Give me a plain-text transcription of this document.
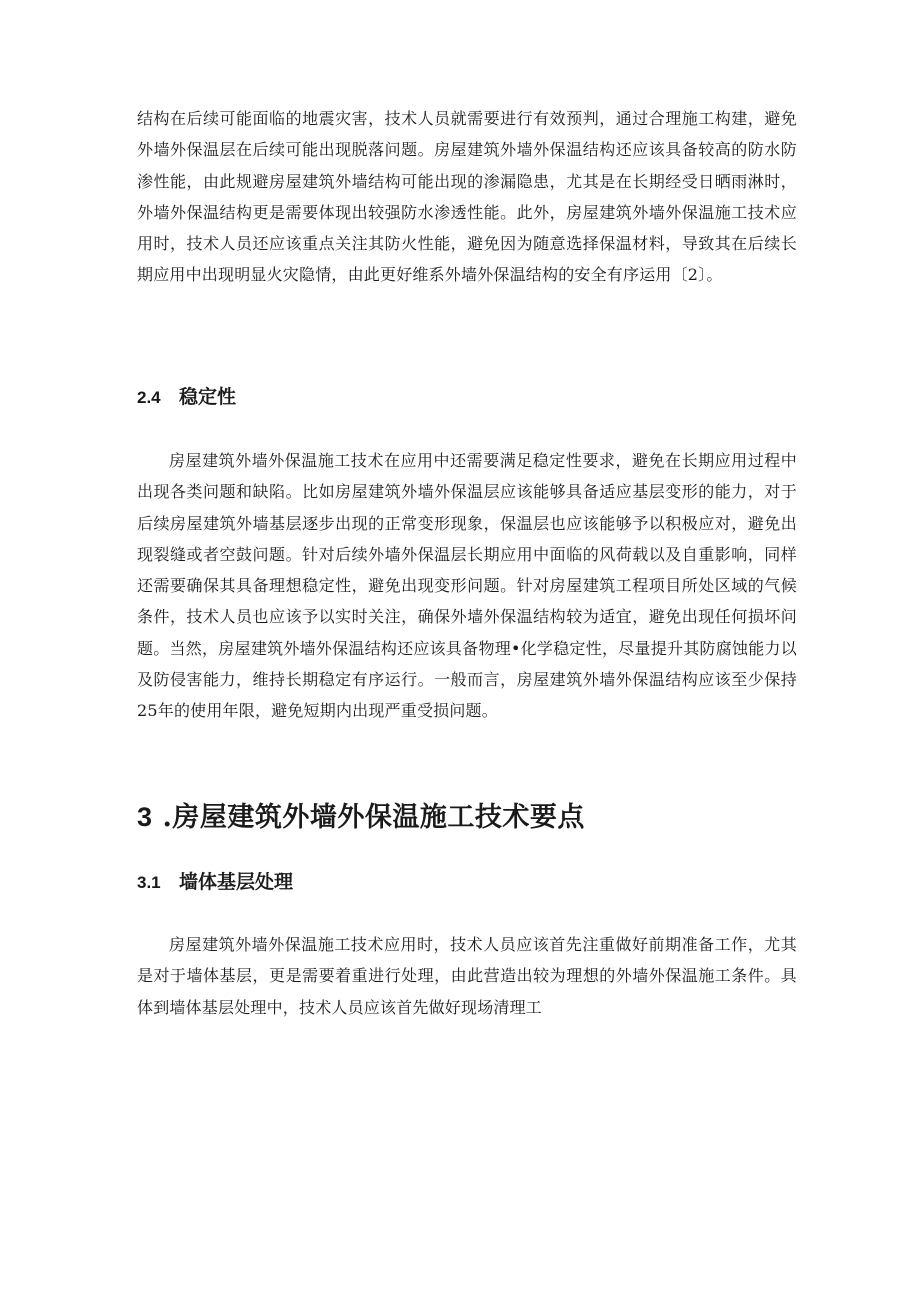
结构在后续可能面临的地震灾害，技术人员就需要进行有效预判，通过合理施工构建，避免外墙外保温层在后续可能出现脱落问题。房屋建筑外墙外保温结构还应该具备较高的防水防渗性能，由此规避房屋建筑外墙结构可能出现的渗漏隐患，尤其是在长期经受日晒雨淋时，外墙外保温结构更是需要体现出较强防水渗透性能。此外，房屋建筑外墙外保温施工技术应用时，技术人员还应该重点关注其防火性能，避免因为随意选择保温材料，导致其在后续长期应用中出现明显火灾隐情，由此更好维系外墙外保温结构的安全有序运用〔2〕。

2.4 稳定性

房屋建筑外墙外保温施工技术在应用中还需要满足稳定性要求，避免在长期应用过程中出现各类问题和缺陷。比如房屋建筑外墙外保温层应该能够具备适应基层变形的能力，对于后续房屋建筑外墙基层逐步出现的正常变形现象，保温层也应该能够予以积极应对，避免出现裂缝或者空鼓问题。针对后续外墙外保温层长期应用中面临的风荷载以及自重影响，同样还需要确保其具备理想稳定性，避免出现变形问题。针对房屋建筑工程项目所处区域的气候条件，技术人员也应该予以实时关注，确保外墙外保温结构较为适宜，避免出现任何损坏问题。当然，房屋建筑外墙外保温结构还应该具备物理•化学稳定性，尽量提升其防腐蚀能力以及防侵害能力，维持长期稳定有序运行。一般而言，房屋建筑外墙外保温结构应该至少保持25年的使用年限，避免短期内出现严重受损问题。

3 .房屋建筑外墙外保温施工技术要点
3.1 墙体基层处理

房屋建筑外墙外保温施工技术应用时，技术人员应该首先注重做好前期准备工作，尤其是对于墙体基层，更是需要着重进行处理，由此营造出较为理想的外墙外保温施工条件。具体到墙体基层处理中，技术人员应该首先做好现场清理工
